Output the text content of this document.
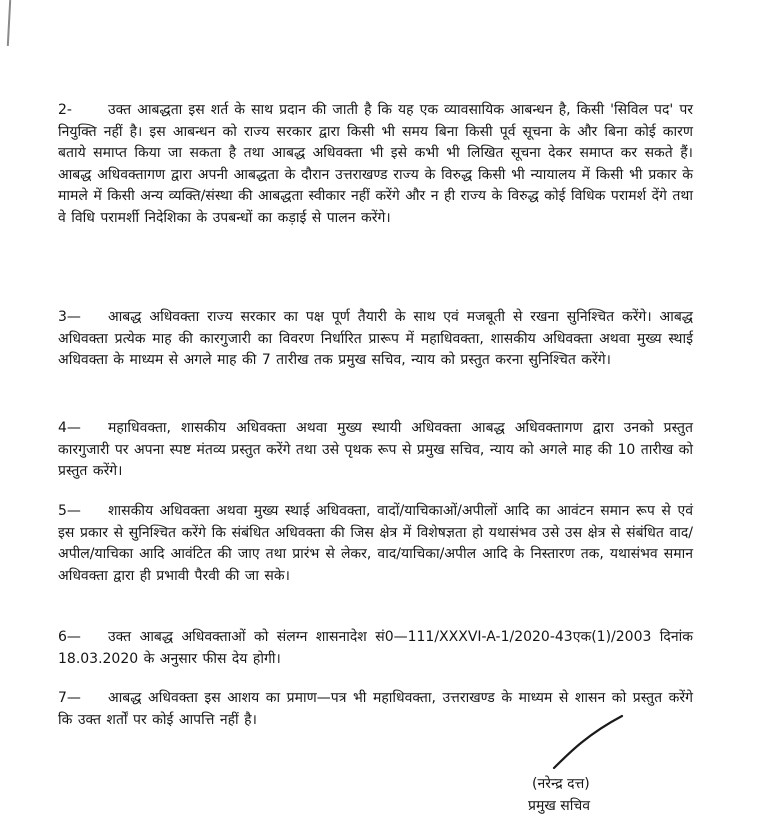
2-	उक्त आबद्धता इस शर्त के साथ प्रदान की जाती है कि यह एक व्यावसायिक आबन्धन है, किसी 'सिविल पद' पर नियुक्ति नहीं है। इस आबन्धन को राज्य सरकार द्वारा किसी भी समय बिना किसी पूर्व सूचना के और बिना कोई कारण बताये समाप्त किया जा सकता है तथा आबद्ध अधिवक्ता भी इसे कभी भी लिखित सूचना देकर समाप्त कर सकते हैं। आबद्ध अधिवक्तागण द्वारा अपनी आबद्धता के दौरान उत्तराखण्ड राज्य के विरुद्ध किसी भी न्यायालय में किसी भी प्रकार के मामले में किसी अन्य व्यक्ति/संस्था की आबद्धता स्वीकार नहीं करेंगे और न ही राज्य के विरुद्ध कोई विधिक परामर्श देंगे तथा वे विधि परामर्शी निदेशिका के उपबन्धों का कड़ाई से पालन करेंगे।

3— आबद्ध अधिवक्ता राज्य सरकार का पक्ष पूर्ण तैयारी के साथ एवं मजबूती से रखना सुनिश्चित करेंगे। आबद्ध अधिवक्ता प्रत्येक माह की कारगुजारी का विवरण निर्धारित प्रारूप में महाधिवक्ता, शासकीय अधिवक्ता अथवा मुख्य स्थाई अधिवक्ता के माध्यम से अगले माह की 7 तारीख तक प्रमुख सचिव, न्याय को प्रस्तुत करना सुनिश्चित करेंगे।

4— महाधिवक्ता, शासकीय अधिवक्ता अथवा मुख्य स्थायी अधिवक्ता आबद्ध अधिवक्तागण द्वारा उनको प्रस्तुत कारगुजारी पर अपना स्पष्ट मंतव्य प्रस्तुत करेंगे तथा उसे पृथक रूप से प्रमुख सचिव, न्याय को अगले माह की 10 तारीख को प्रस्तुत करेंगे।

5— शासकीय अधिवक्ता अथवा मुख्य स्थाई अधिवक्ता, वादों/याचिकाओं/अपीलों आदि का आवंटन समान रूप से एवं इस प्रकार से सुनिश्चित करेंगे कि संबंधित अधिवक्ता की जिस क्षेत्र में विशेषज्ञता हो यथासंभव उसे उस क्षेत्र से संबंधित वाद/अपील/याचिका आदि आवंटित की जाए तथा प्रारंभ से लेकर, वाद/याचिका/अपील आदि के निस्तारण तक, यथासंभव समान अधिवक्ता द्वारा ही प्रभावी पैरवी की जा सके।

6— उक्त आबद्ध अधिवक्ताओं को संलग्न शासनादेश सं0—111/XXXVI-A-1/2020-43एक(1)/2003 दिनांक 18.03.2020 के अनुसार फीस देय होगी।

7— आबद्ध अधिवक्ता इस आशय का प्रमाण—पत्र भी महाधिवक्ता, उत्तराखण्ड के माध्यम से शासन को प्रस्तुत करेंगे कि उक्त शर्तों पर कोई आपत्ति नहीं है।

(नरेन्द्र दत्त)
प्रमुख सचिव
